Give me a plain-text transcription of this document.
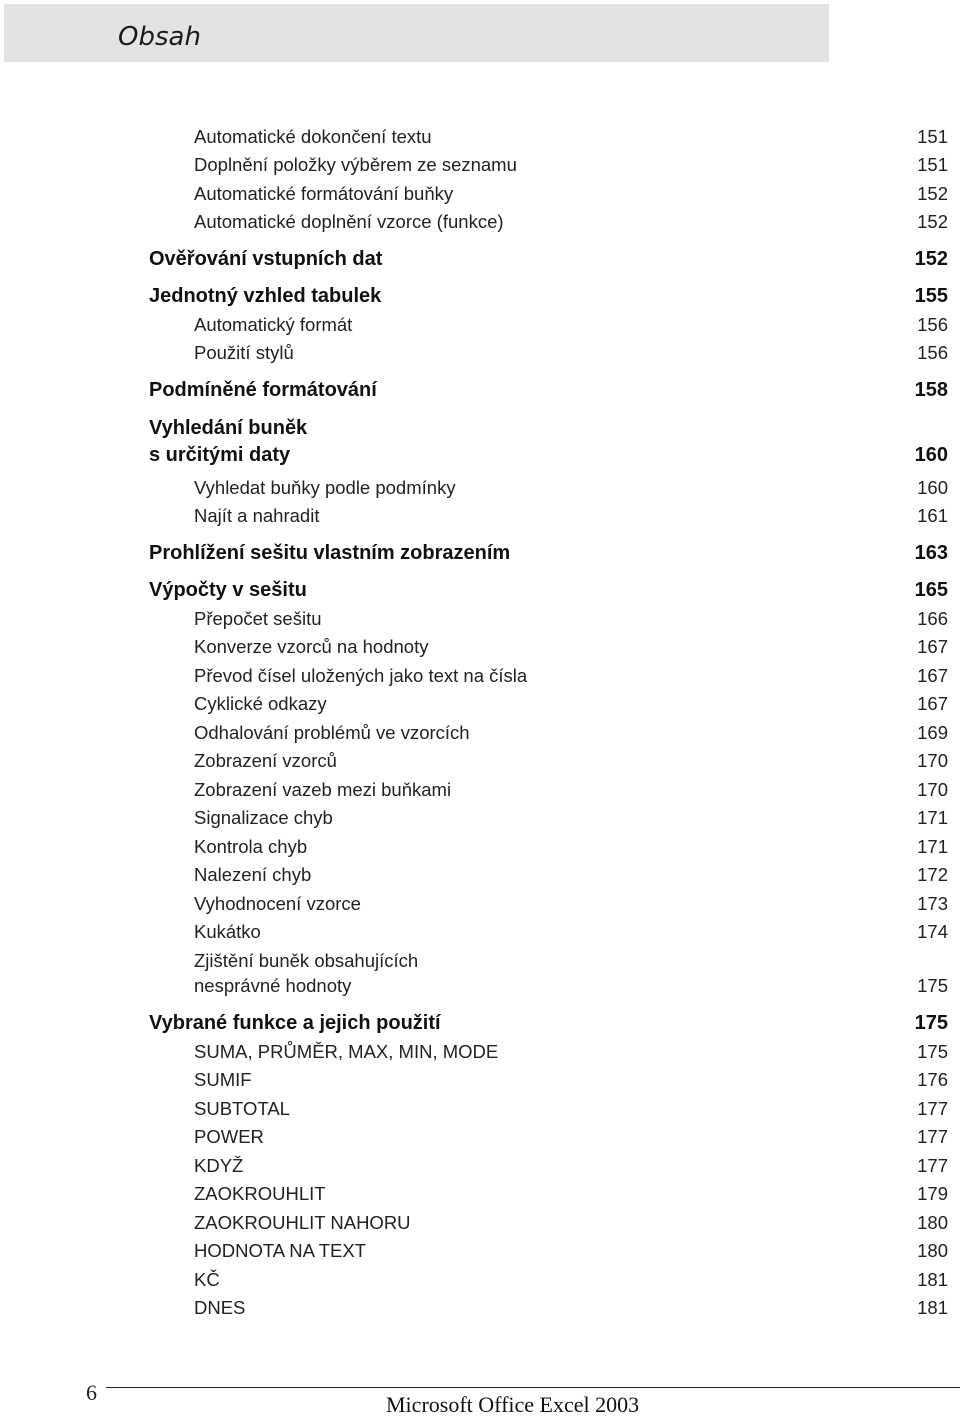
Obsah
Automatické dokončení textu	151
Doplnění položky výběrem ze seznamu	151
Automatické formátování buňky	152
Automatické doplnění vzorce (funkce)	152
Ověřování vstupních dat	152
Jednotný vzhled tabulek	155
Automatický formát	156
Použití stylů	156
Podmíněné formátování	158
Vyhledání buněk
s určitými daty	160
Vyhledat buňky podle podmínky	160
Najít a nahradit	161
Prohlížení sešitu vlastním zobrazením	163
Výpočty v sešitu	165
Přepočet sešitu	166
Konverze vzorců na hodnoty	167
Převod čísel uložených jako text na čísla	167
Cyklické odkazy	167
Odhalování problémů ve vzorcích	169
Zobrazení vzorců	170
Zobrazení vazeb mezi buňkami	170
Signalizace chyb	171
Kontrola chyb	171
Nalezení chyb	172
Vyhodnocení vzorce	173
Kukátko	174
Zjištění buněk obsahujících
nesprávné hodnoty	175
Vybrané funkce a jejich použití	175
SUMA, PRŮMĚR, MAX, MIN, MODE	175
SUMIF	176
SUBTOTAL	177
POWER	177
KDYŽ	177
ZAOKROUHLIT	179
ZAOKROUHLIT NAHORU	180
HODNOTA NA TEXT	180
KČ	181
DNES	181
6	Microsoft Office Excel 2003
